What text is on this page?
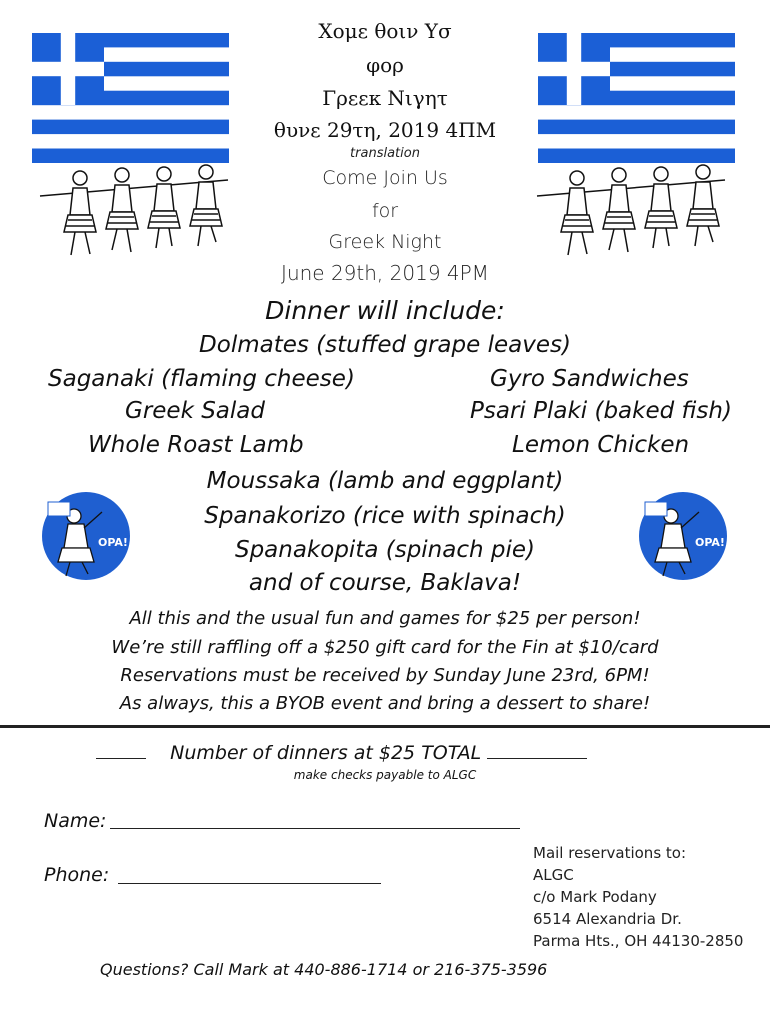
Χομε θοιν Υσ
φορ
Γρεεκ Νιγητ
θυνε 29τη, 2019 4ΠΜ
translation
Come Join Us
for
Greek Night
June 29th, 2019 4PM
Dinner will include:
Dolmates (stuffed grape leaves)
Saganaki (flaming cheese)	Gyro Sandwiches
Greek Salad	Psari Plaki (baked fish)
Whole Roast Lamb	Lemon Chicken
Moussaka (lamb and eggplant)
Spanakorizo (rice with spinach)
Spanakopita (spinach pie)
and of course, Baklava!
OPA!	OPA!
All this and the usual fun and games for $25 per person!
We’re still raffling off a $250 gift card for the Fin at $10/card
Reservations must be received by Sunday June 23rd, 6PM!
As always, this a BYOB event and bring a dessert to share!
Number of dinners at $25 TOTAL
make checks payable to ALGC
Name:
Phone:
Mail reservations to:
ALGC
c/o Mark Podany
6514 Alexandria Dr.
Parma Hts., OH 44130-2850
Questions? Call Mark at 440-886-1714 or 216-375-3596
